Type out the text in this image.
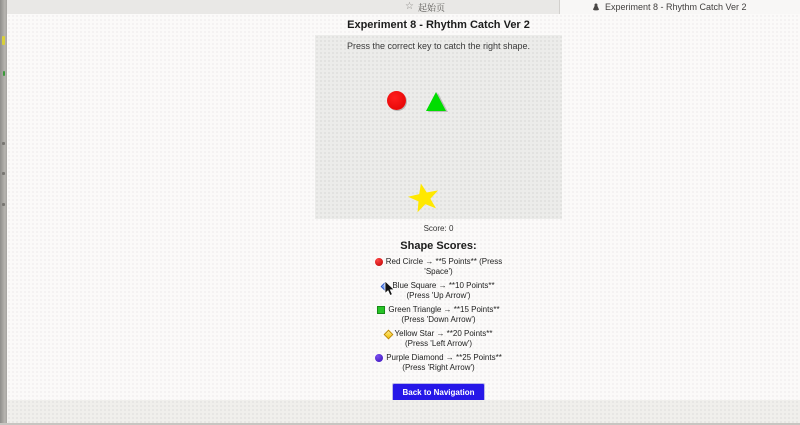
☆ 起始页	Experiment 8 - Rhythm Catch Ver 2
Experiment 8 - Rhythm Catch Ver 2
Press the correct key to catch the right shape.
Score: 0
Shape Scores:
Red Circle → **5 Points** (Press
'Space')
Blue Square → **10 Points**
(Press 'Up Arrow')
Green Triangle → **15 Points**
(Press 'Down Arrow')
Yellow Star → **20 Points**
(Press 'Left Arrow')
Purple Diamond → **25 Points**
(Press 'Right Arrow')
Back to Navigation
